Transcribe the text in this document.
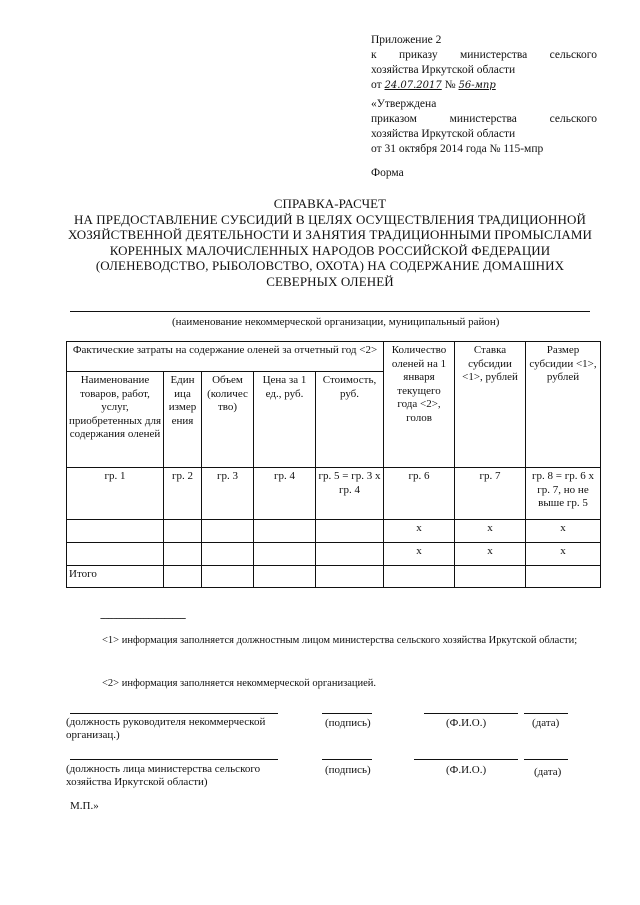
Приложение 2
к приказу министерства сельского
хозяйства Иркутской области
от 24.07.2017 № 56-мпр
«Утверждена
приказом	министерства	сельского
хозяйства Иркутской области
от 31 октября 2014 года № 115-мпр
Форма
СПРАВКА-РАСЧЕТ
НА ПРЕДОСТАВЛЕНИЕ СУБСИДИЙ В ЦЕЛЯХ ОСУЩЕСТВЛЕНИЯ ТРАДИЦИОННОЙ
ХОЗЯЙСТВЕННОЙ ДЕЯТЕЛЬНОСТИ И ЗАНЯТИЯ ТРАДИЦИОННЫМИ ПРОМЫСЛАМИ
КОРЕННЫХ МАЛОЧИСЛЕННЫХ НАРОДОВ РОССИЙСКОЙ ФЕДЕРАЦИИ
(ОЛЕНЕВОДСТВО, РЫБОЛОВСТВО, ОХОТА) НА СОДЕРЖАНИЕ ДОМАШНИХ
СЕВЕРНЫХ ОЛЕНЕЙ
(наименование некоммерческой организации, муниципальный район)
Фактические затраты на содержание оленей за отчетный год <2>					Количество оленей на 1 января текущего года <2>, голов	Ставка субсидии <1>, рублей	Размер субсидии <1>, рублей
Наименование товаров, работ, услуг, приобретенных для содержания оленей	Един ица измер ения	Объем (количес тво)	Цена за 1 ед., руб.	Стоимость, руб.			
гр. 1	гр. 2	гр. 3	гр. 4	гр. 5 = гр. 3 х гр. 4	гр. 6	гр. 7	гр. 8 = гр. 6 х гр. 7, но не выше гр. 5
					х	х	х
					х	х	х
Итого							
--------------------------------
<1> информация заполняется должностным лицом министерства сельского хозяйства Иркутской области;
<2> информация заполняется некоммерческой организацией.
(должность руководителя некоммерческой организац.)
(подпись)	(Ф.И.О.)	(дата)
(должность лица министерства сельского хозяйства Иркутской области)
(подпись)	(Ф.И.О.)	(дата)
М.П.»
